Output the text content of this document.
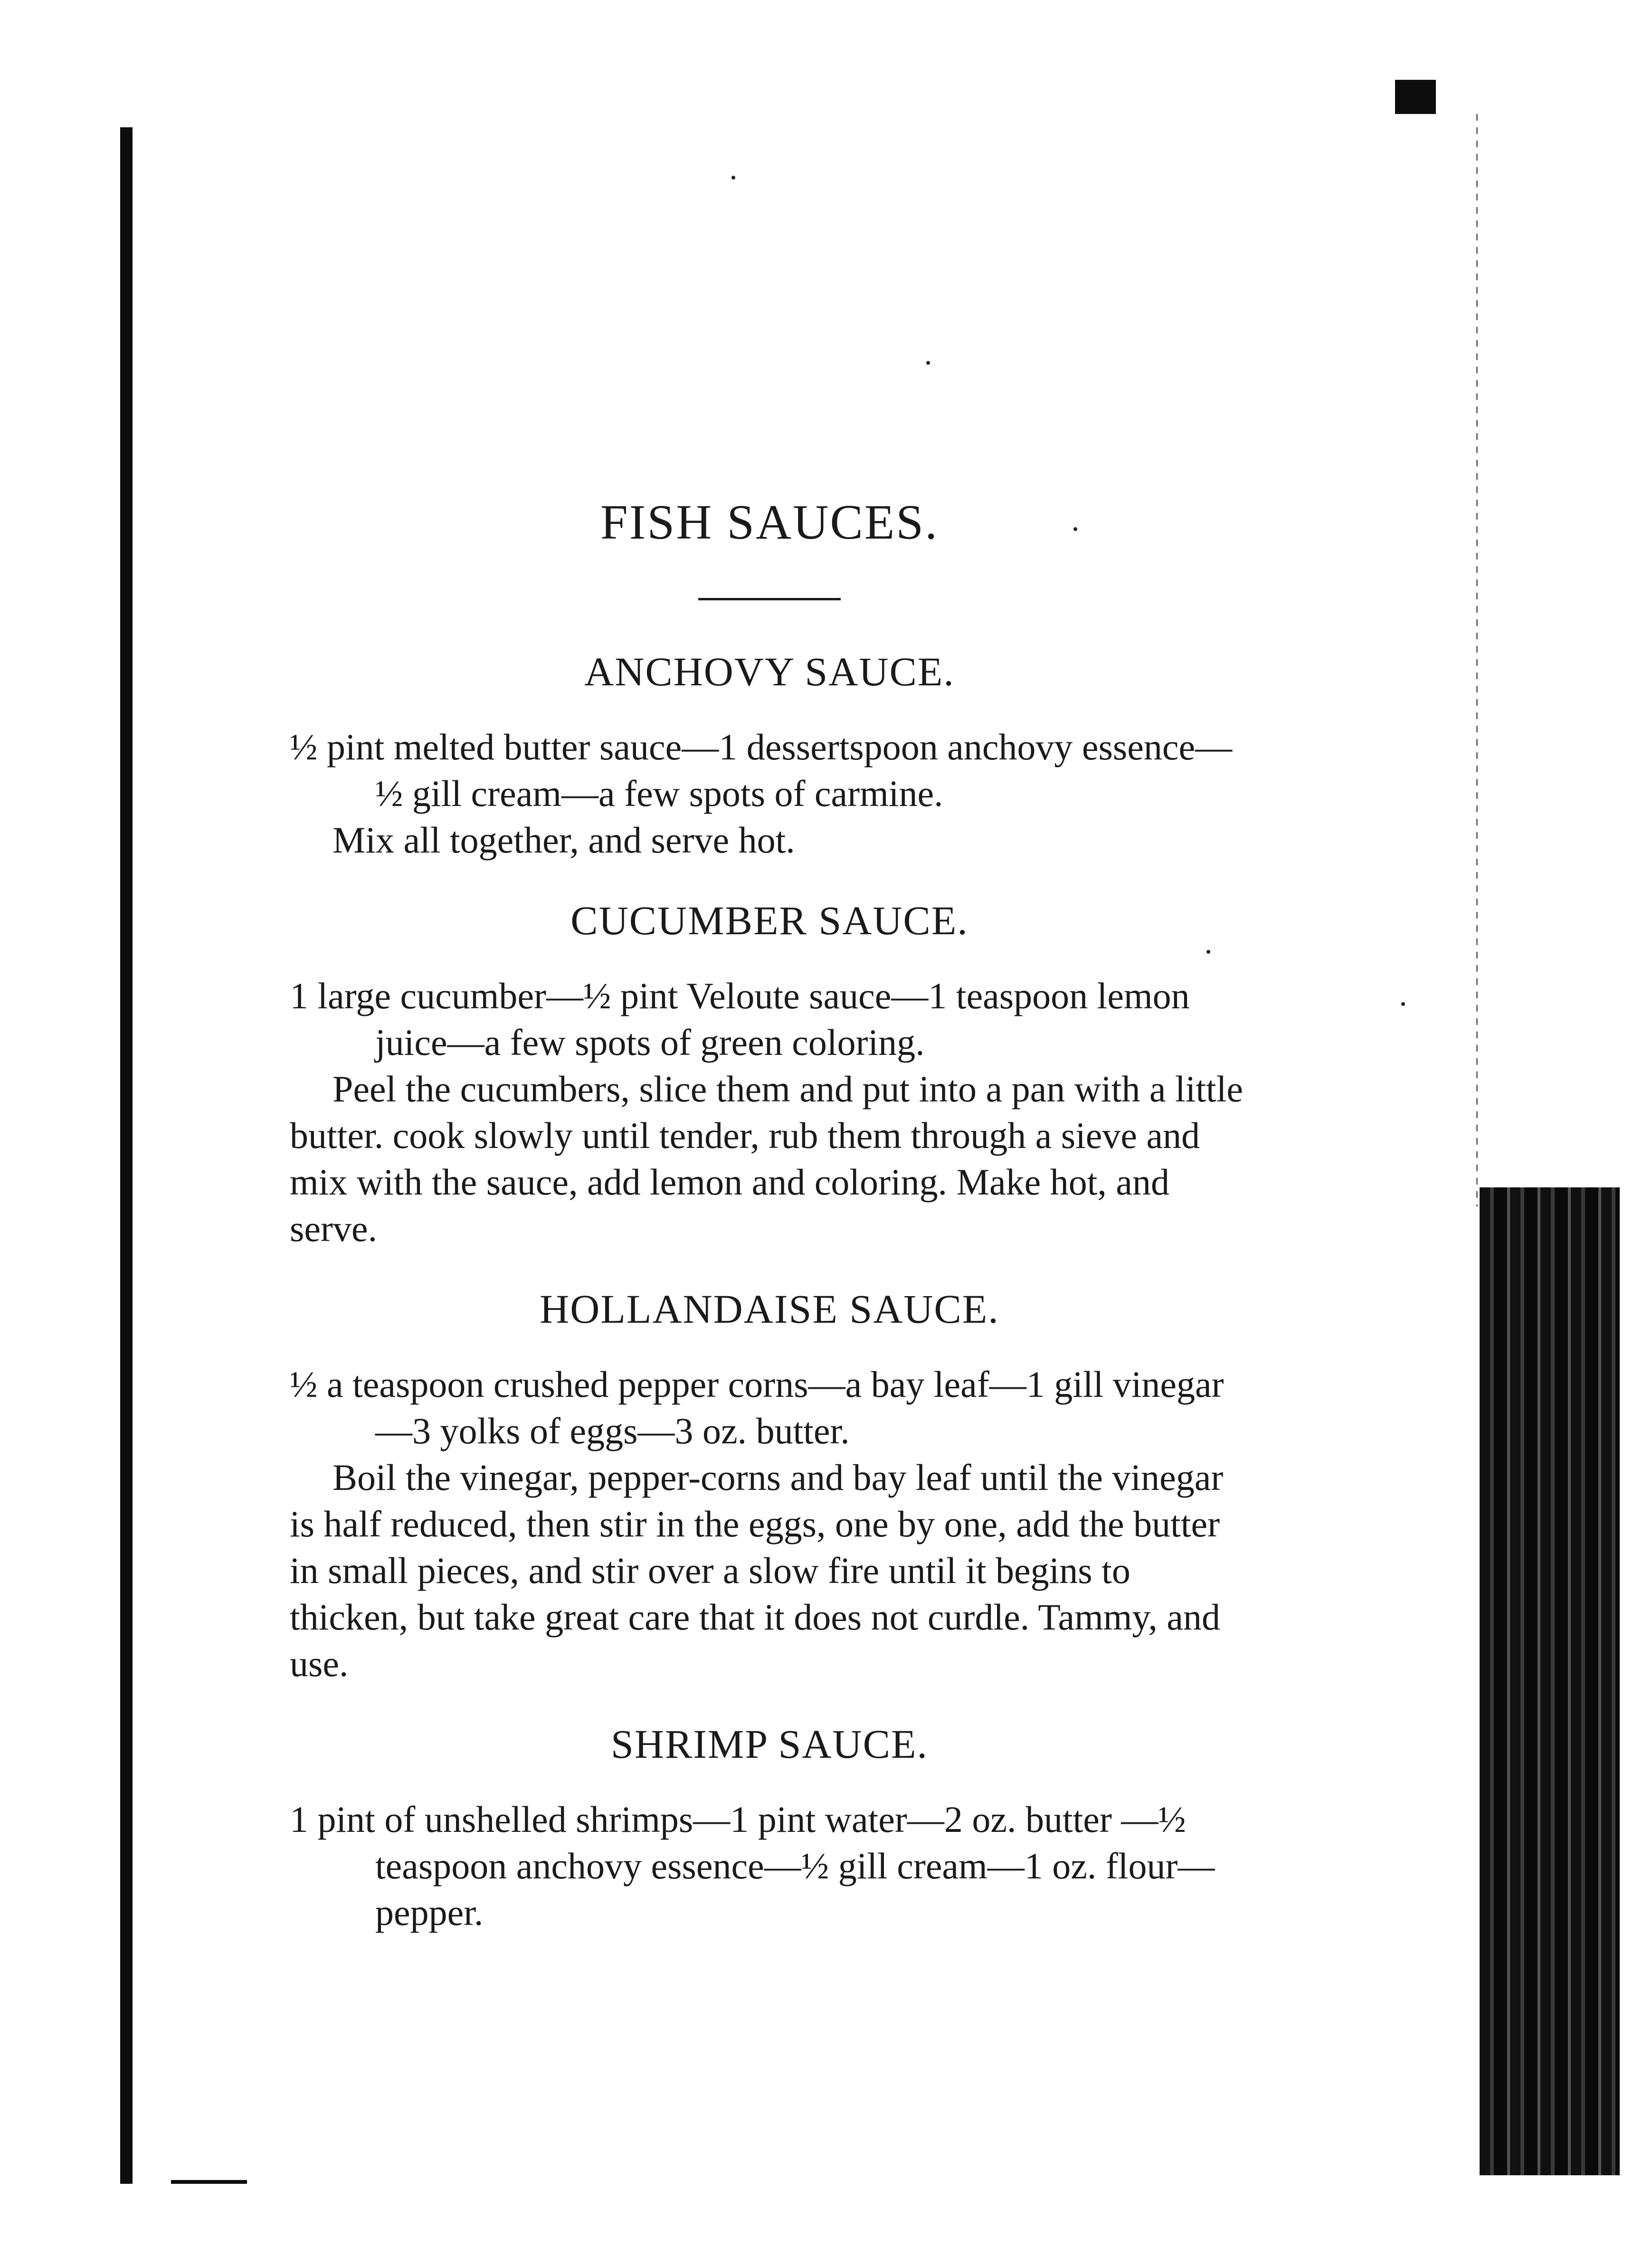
FISH SAUCES.
ANCHOVY SAUCE.

½ pint melted butter sauce—1 dessertspoon anchovy essence—½ gill cream—a few spots of carmine.

Mix all together, and serve hot.

CUCUMBER SAUCE.

1 large cucumber—½ pint Veloute sauce—1 teaspoon lemon juice—a few spots of green coloring.

Peel the cucumbers, slice them and put into a pan with a little butter. cook slowly until tender, rub them through a sieve and mix with the sauce, add lemon and coloring. Make hot, and serve.

HOLLANDAISE SAUCE.

½ a teaspoon crushed pepper corns—a bay leaf—1 gill vinegar—3 yolks of eggs—3 oz. butter.

Boil the vinegar, pepper-corns and bay leaf until the vinegar is half reduced, then stir in the eggs, one by one, add the butter in small pieces, and stir over a slow fire until it begins to thicken, but take great care that it does not curdle. Tammy, and use.

SHRIMP SAUCE.

1 pint of unshelled shrimps—1 pint water—2 oz. butter —½ teaspoon anchovy essence—½ gill cream—1 oz. flour—pepper.
